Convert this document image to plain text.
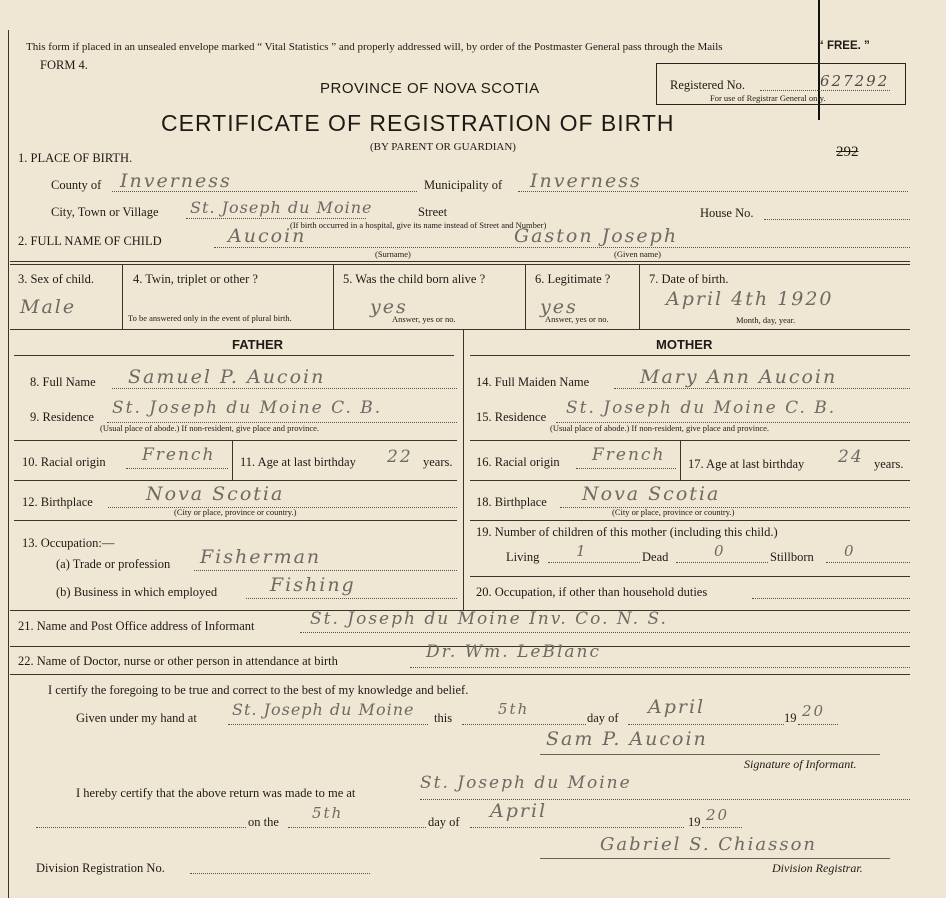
This form if placed in an unsealed envelope marked “ Vital Statistics ” and properly addressed will, by order of the Postmaster General pass through the Mails	“ FREE. ”
FORM 4.
PROVINCE OF NOVA SCOTIA
CERTIFICATE OF REGISTRATION OF BIRTH
(BY PARENT OR GUARDIAN)
Registered No.	627292
For use of Registrar General only.
292
1. PLACE OF BIRTH.
County of Inverness	Municipality of Inverness
City, Town or Village St. Joseph du Moine	Street
(If birth occurred in a hospital, give its name instead of Street and Number)
House No.
2. FULL NAME OF CHILD	Aucoin
(Surname)
Gaston Joseph
(Given name)
3. Sex of child.
Male
4. Twin, triplet or other ?
To be answered only in the event of plural birth.
5. Was the child born alive ?
yes
Answer, yes or no.
6. Legitimate ?
yes
Answer, yes or no.
7. Date of birth.
April 4th 1920
Month, day, year.
FATHER	MOTHER
8. Full Name Samuel P. Aucoin
9. Residence St. Joseph du Moine C. B.
(Usual place of abode.) If non-resident, give place and province.
10. Racial origin French 11. Age at last birthday 22 years.
12. Birthplace	Nova Scotia
(City or place, province or country.)
13. Occupation:—
(a) Trade or profession Fisherman
(b) Business in which employed	Fishing
14. Full Maiden Name	Mary Ann Aucoin
15. Residence St. Joseph du Moine C. B.
(Usual place of abode.) If non-resident, give place and province.
16. Racial origin French 17. Age at last birthday 24 years.
18. Birthplace Nova Scotia
(City or place, province or country.)
19. Number of children of this mother (including this child.)
Living 1	Dead	0	Stillborn 0
20. Occupation, if other than household duties
21. Name and Post Office address of Informant	St. Joseph du Moine Inv. Co. N. S.
22. Name of Doctor, nurse or other person in attendance at birth	Dr. Wm. LeBlanc
I certify the foregoing to be true and correct to the best of my knowledge and belief.
Given under my hand at St. Joseph du Moine this	5th	day of April	19 20
Sam P. Aucoin
Signature of Informant.
I hereby certify that the above return was made to me at	St. Joseph du Moine
on the 5th	day of April	19 20
Gabriel S. Chiasson
Division Registration No.	Division Registrar.
